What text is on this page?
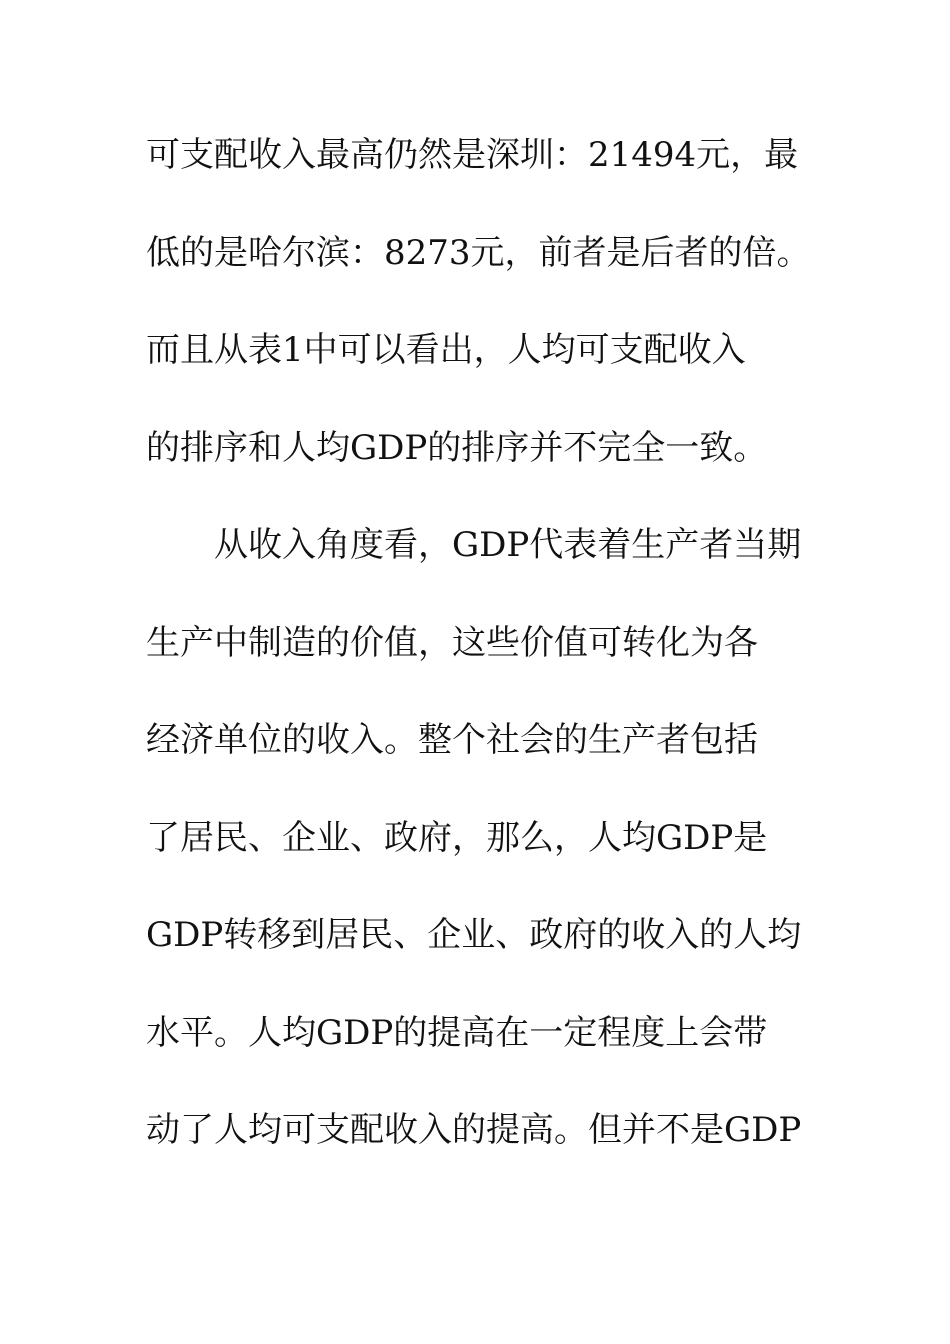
可支配收入最高仍然是深圳：21494元，最
低的是哈尔滨：8273元，前者是后者的倍。
而且从表1中可以看出，人均可支配收入
的排序和人均GDP的排序并不完全一致。
从收入角度看，GDP代表着生产者当期
生产中制造的价值，这些价值可转化为各
经济单位的收入。整个社会的生产者包括
了居民、企业、政府，那么，人均GDP是
GDP转移到居民、企业、政府的收入的人均
水平。人均GDP的提高在一定程度上会带
动了人均可支配收入的提高。但并不是GDP
